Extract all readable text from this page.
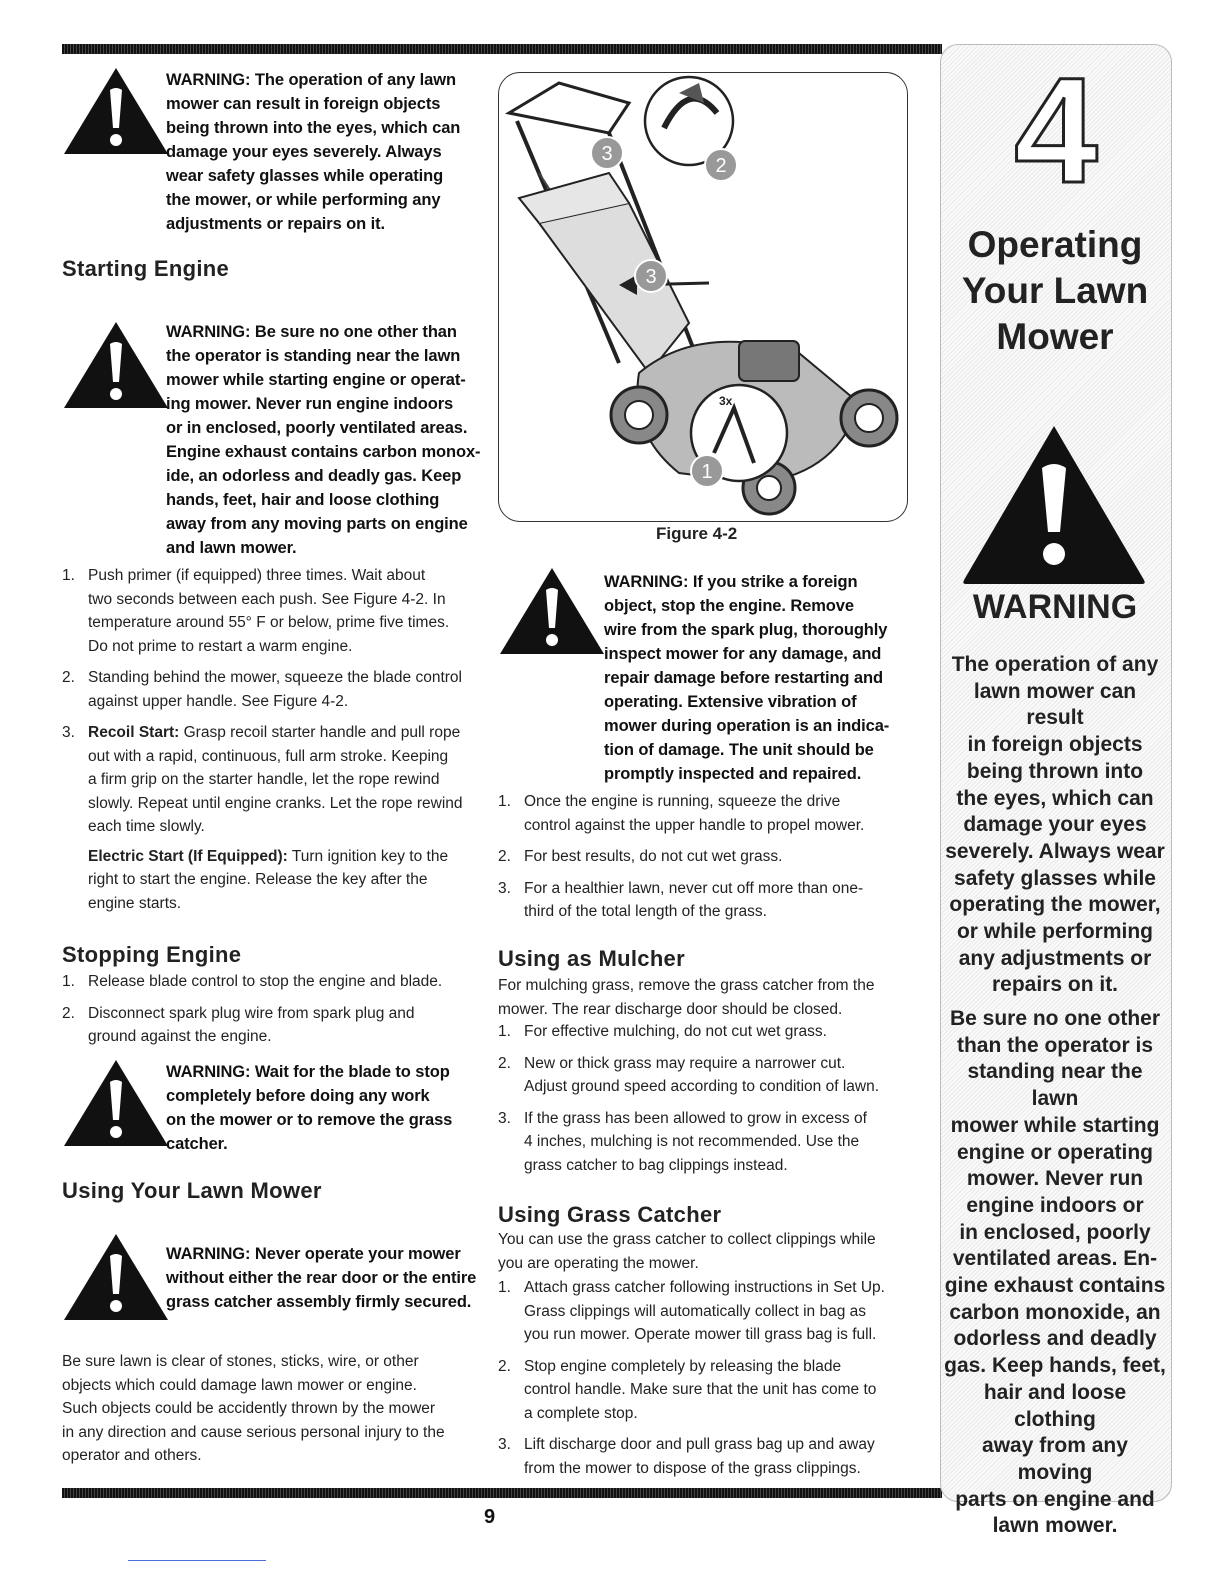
4
Operating
Your Lawn
Mower
WARNING
The operation of any
lawn mower can result
in foreign objects
being thrown into
the eyes, which can
damage your eyes
severely. Always wear
safety glasses while
operating the mower,
or while performing
any adjustments or
repairs on it.
Be sure no one other
than the operator is
standing near the lawn
mower while starting
engine or operating
mower. Never run
engine indoors or
in enclosed, poorly
ventilated areas. En-
gine exhaust contains
carbon monoxide, an
odorless and deadly
gas. Keep hands, feet,
hair and loose clothing
away from any moving
parts on engine and
lawn mower.
WARNING: The operation of any lawn
mower can result in foreign objects
being thrown into the eyes, which can
damage your eyes severely. Always
wear safety glasses while operating
the mower, or while performing any
adjustments or repairs on it.
Starting Engine
WARNING: Be sure no one other than
the operator is standing near the lawn
mower while starting engine or operat-
ing mower. Never run engine indoors
or in enclosed, poorly ventilated areas.
Engine exhaust contains carbon monox-
ide, an odorless and deadly gas. Keep
hands, feet, hair and loose clothing
away from any moving parts on engine
and lawn mower.
1. Push primer (if equipped) three times. Wait about
two seconds between each push. See Figure 4-2. In
temperature around 55° F or below, prime five times.
Do not prime to restart a warm engine.
2. Standing behind the mower, squeeze the blade control
against upper handle. See Figure 4-2.
3. Recoil Start: Grasp recoil starter handle and pull rope
out with a rapid, continuous, full arm stroke. Keeping
a firm grip on the starter handle, let the rope rewind
slowly. Repeat until engine cranks. Let the rope rewind
each time slowly.
Electric Start (If Equipped): Turn ignition key to the
right to start the engine. Release the key after the
engine starts.
Stopping Engine
1. Release blade control to stop the engine and blade.
2. Disconnect spark plug wire from spark plug and
ground against the engine.
WARNING: Wait for the blade to stop
completely before doing any work
on the mower or to remove the grass
catcher.
Using Your Lawn Mower
WARNING: Never operate your mower
without either the rear door or the entire
grass catcher assembly firmly secured.
Be sure lawn is clear of stones, sticks, wire, or other
objects which could damage lawn mower or engine.
Such objects could be accidently thrown by the mower
in any direction and cause serious personal injury to the
operator and others.
3
2
3
1
3x
Figure 4-2
WARNING: If you strike a foreign
object, stop the engine. Remove
wire from the spark plug, thoroughly
inspect mower for any damage, and
repair damage before restarting and
operating. Extensive vibration of
mower during operation is an indica-
tion of damage. The unit should be
promptly inspected and repaired.
1. Once the engine is running, squeeze the drive
control against the upper handle to propel mower.
2. For best results, do not cut wet grass.
3. For a healthier lawn, never cut off more than one-
third of the total length of the grass.
Using as Mulcher
For mulching grass, remove the grass catcher from the
mower. The rear discharge door should be closed.
1. For effective mulching, do not cut wet grass.
2. New or thick grass may require a narrower cut.
Adjust ground speed according to condition of lawn.
3. If the grass has been allowed to grow in excess of
4 inches, mulching is not recommended. Use the
grass catcher to bag clippings instead.
Using Grass Catcher
You can use the grass catcher to collect clippings while
you are operating the mower.
1. Attach grass catcher following instructions in Set Up.
Grass clippings will automatically collect in bag as
you run mower. Operate mower till grass bag is full.
2. Stop engine completely by releasing the blade
control handle. Make sure that the unit has come to
a complete stop.
3. Lift discharge door and pull grass bag up and away
from the mower to dispose of the grass clippings.
9
